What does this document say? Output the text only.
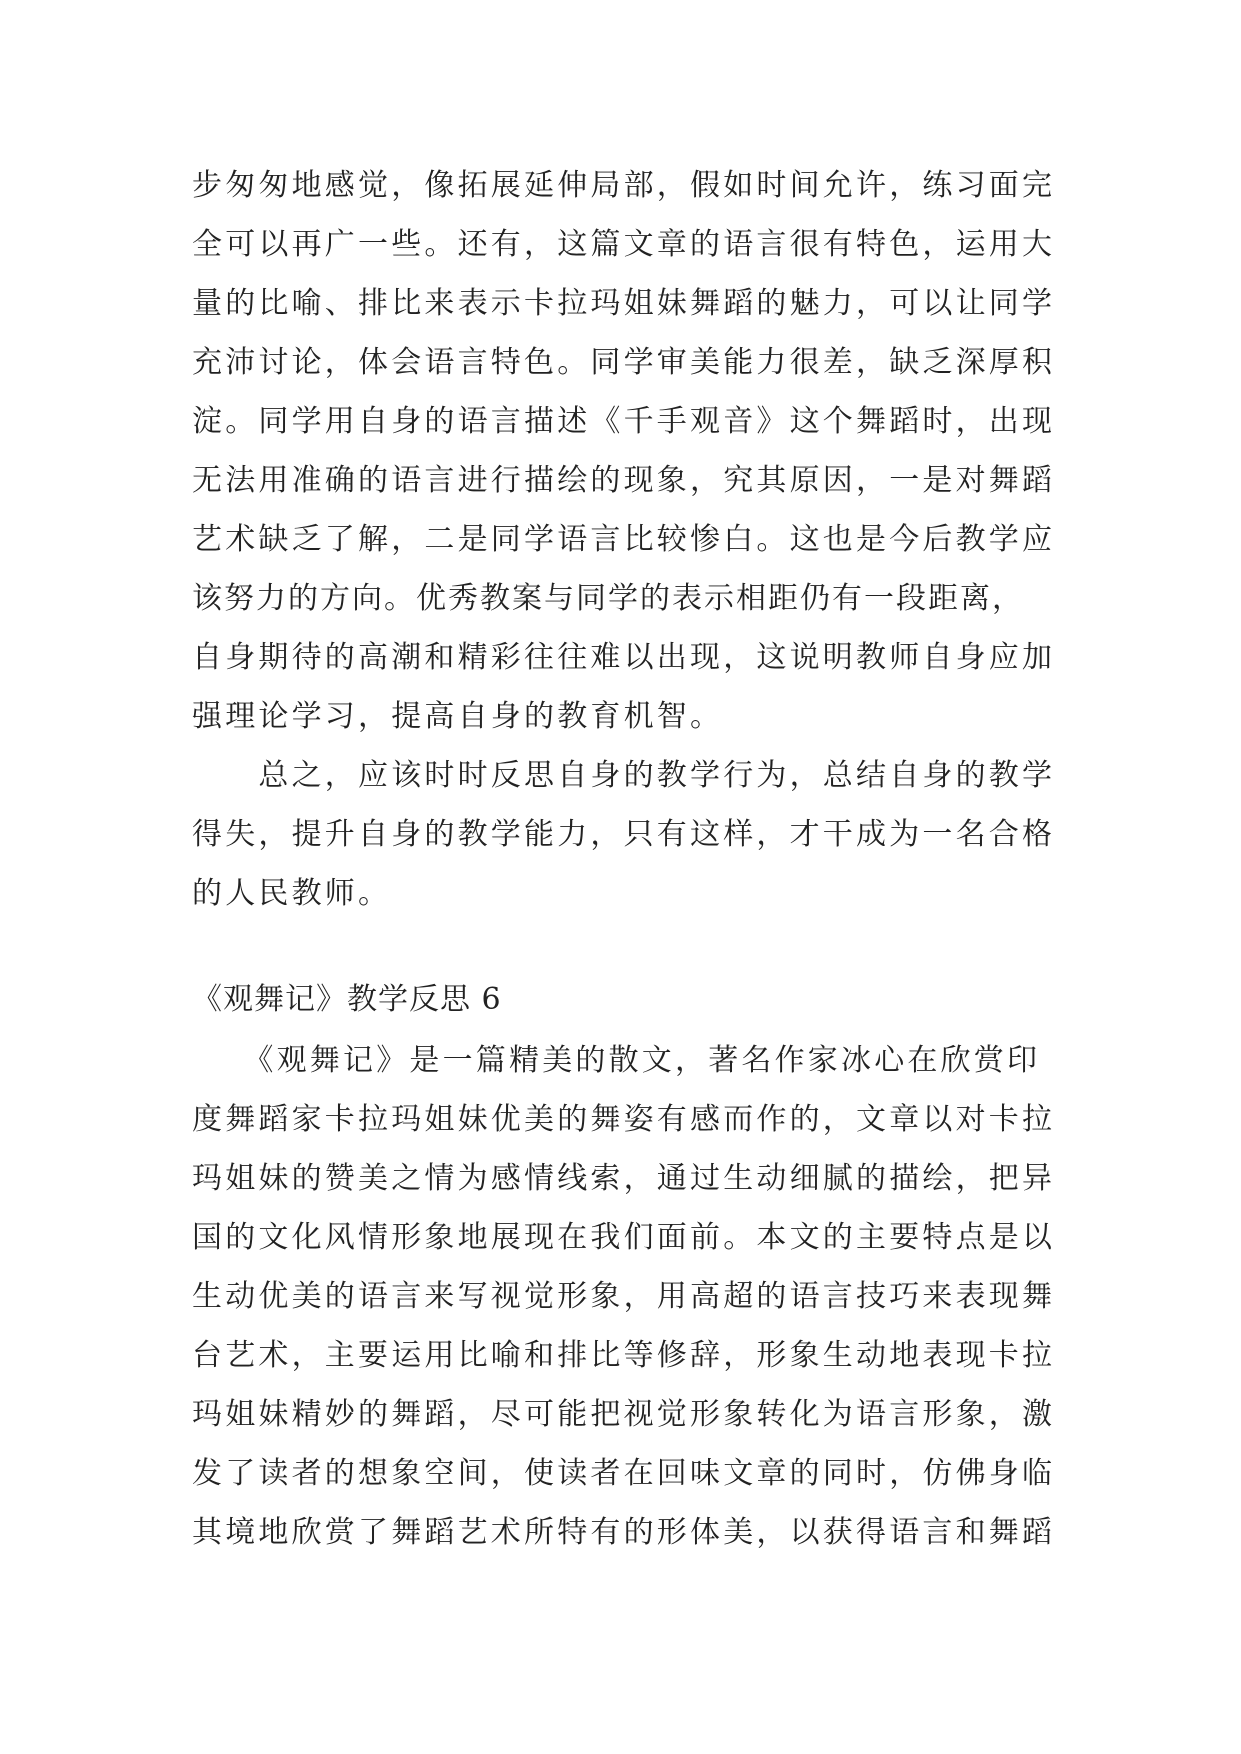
步匆匆地感觉，像拓展延伸局部，假如时间允许，练习面完
全可以再广一些。还有，这篇文章的语言很有特色，运用大
量的比喻、排比来表示卡拉玛姐妹舞蹈的魅力，可以让同学
充沛讨论，体会语言特色。同学审美能力很差，缺乏深厚积
淀。同学用自身的语言描述《千手观音》这个舞蹈时，出现
无法用准确的语言进行描绘的现象，究其原因，一是对舞蹈
艺术缺乏了解，二是同学语言比较惨白。这也是今后教学应
该努力的方向。优秀教案与同学的表示相距仍有一段距离，
自身期待的高潮和精彩往往难以出现，这说明教师自身应加
强理论学习，提高自身的教育机智。
　　总之，应该时时反思自身的教学行为，总结自身的教学
得失，提升自身的教学能力，只有这样，才干成为一名合格
的人民教师。
《观舞记》教学反思 6
　　《观舞记》是一篇精美的散文，著名作家冰心在欣赏印
度舞蹈家卡拉玛姐妹优美的舞姿有感而作的，文章以对卡拉
玛姐妹的赞美之情为感情线索，通过生动细腻的描绘，把异
国的文化风情形象地展现在我们面前。本文的主要特点是以
生动优美的语言来写视觉形象，用高超的语言技巧来表现舞
台艺术，主要运用比喻和排比等修辞，形象生动地表现卡拉
玛姐妹精妙的舞蹈，尽可能把视觉形象转化为语言形象，激
发了读者的想象空间，使读者在回味文章的同时，仿佛身临
其境地欣赏了舞蹈艺术所特有的形体美，以获得语言和舞蹈
